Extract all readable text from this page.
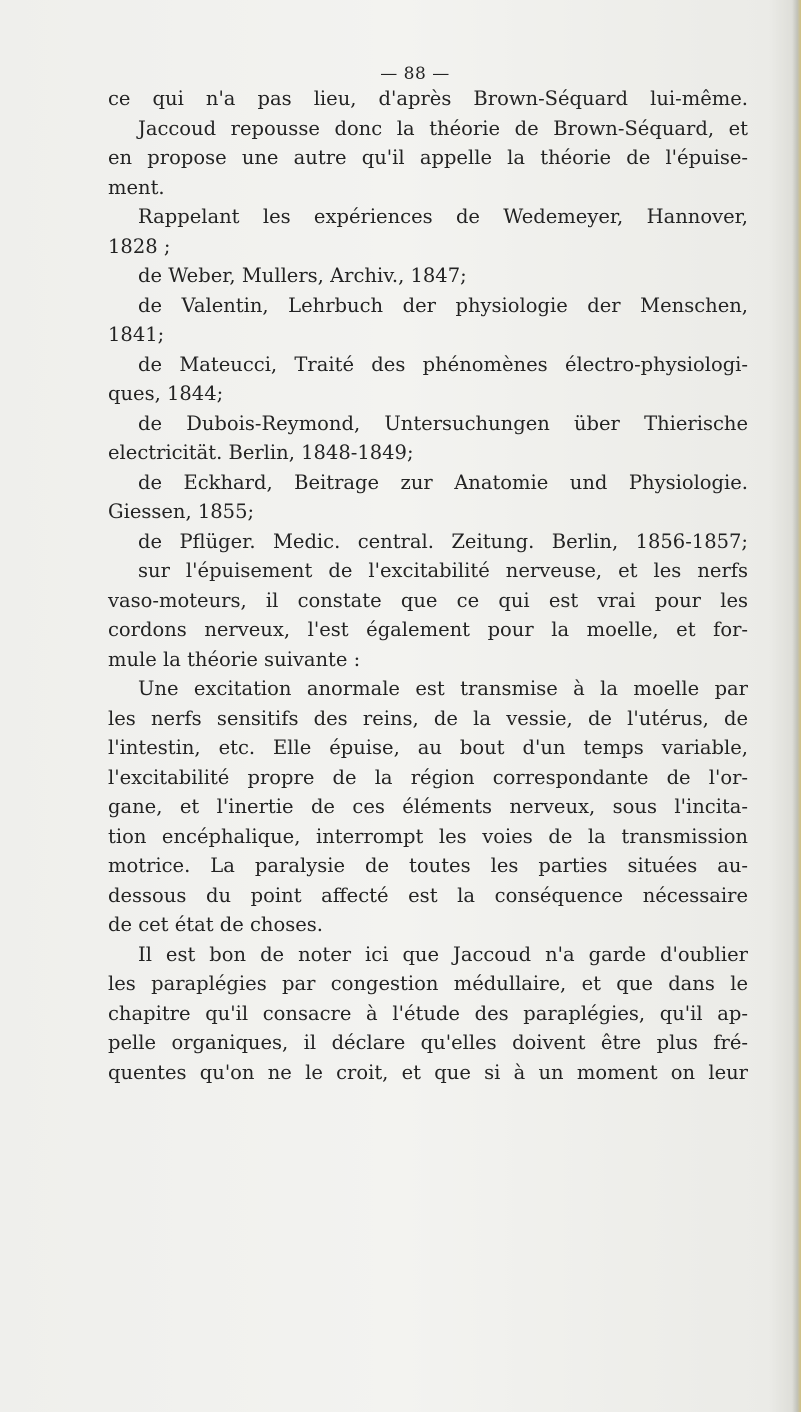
— 88 —
ce qui n'a pas lieu, d'après Brown-Séquard lui-même.
Jaccoud repousse donc la théorie de Brown-Séquard, et
en propose une autre qu'il appelle la théorie de l'épuise-
ment.
Rappelant les expériences de Wedemeyer, Hannover,
1828 ;
de Weber, Mullers, Archiv., 1847;
de Valentin, Lehrbuch der physiologie der Menschen,
1841;
de Mateucci, Traité des phénomènes électro-physiologi-
ques, 1844;
de Dubois-Reymond, Untersuchungen über Thierische
electricität. Berlin, 1848-1849;
de Eckhard, Beitrage zur Anatomie und Physiologie.
Giessen, 1855;
de Pflüger. Medic. central. Zeitung. Berlin, 1856-1857;
sur l'épuisement de l'excitabilité nerveuse, et les nerfs
vaso-moteurs, il constate que ce qui est vrai pour les
cordons nerveux, l'est également pour la moelle, et for-
mule la théorie suivante :
Une excitation anormale est transmise à la moelle par
les nerfs sensitifs des reins, de la vessie, de l'utérus, de
l'intestin, etc. Elle épuise, au bout d'un temps variable,
l'excitabilité propre de la région correspondante de l'or-
gane, et l'inertie de ces éléments nerveux, sous l'incita-
tion encéphalique, interrompt les voies de la transmission
motrice. La paralysie de toutes les parties situées au-
dessous du point affecté est la conséquence nécessaire
de cet état de choses.
Il est bon de noter ici que Jaccoud n'a garde d'oublier
les paraplégies par congestion médullaire, et que dans le
chapitre qu'il consacre à l'étude des paraplégies, qu'il ap-
pelle organiques, il déclare qu'elles doivent être plus fré-
quentes qu'on ne le croit, et que si à un moment on leur
